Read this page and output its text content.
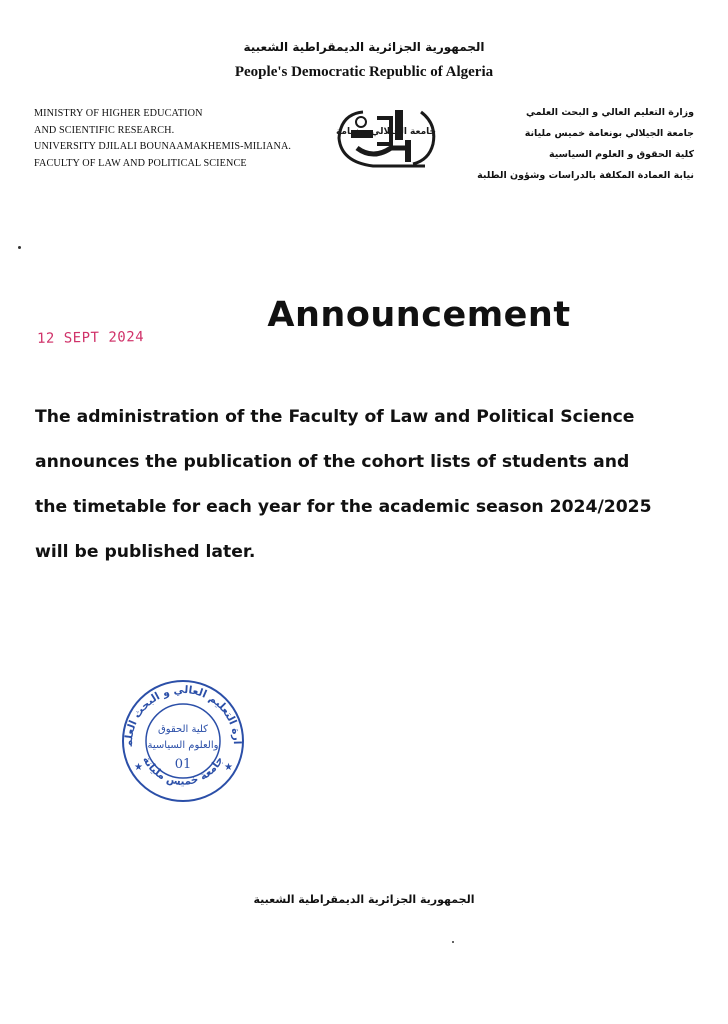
الجمهورية الجزائرية الديمقراطية الشعبية
People's Democratic Republic of Algeria
MINISTRY OF HIGHER EDUCATION
AND SCIENTIFIC RESEARCH.
UNIVERSITY DJILALI BOUNAAMAKHEMIS-MILIANA.
FACULTY OF LAW AND POLITICAL SCIENCE
جامعة الجيلالي بونعامة
وزارة التعليم العالي و البحث العلمي
جامعة الجيلالي بونعامة خميس مليانة
كلية الحقوق و العلوم السياسية
نيابة العمادة المكلفة بالدراسات وشؤون الطلبة
12 SEPT 2024
Announcement
The administration of the Faculty of Law and Political Science
announces the publication of the cohort lists of students and
the timetable for each year for the academic season 2024/2025
will be published later.
ارة التعليم العالي و البحث العلم
جامعة خميس مليانة
كلية الحقوق
والعلوم السياسية
01
★	★
الجمهورية الجزائرية الديمقراطية الشعبية
